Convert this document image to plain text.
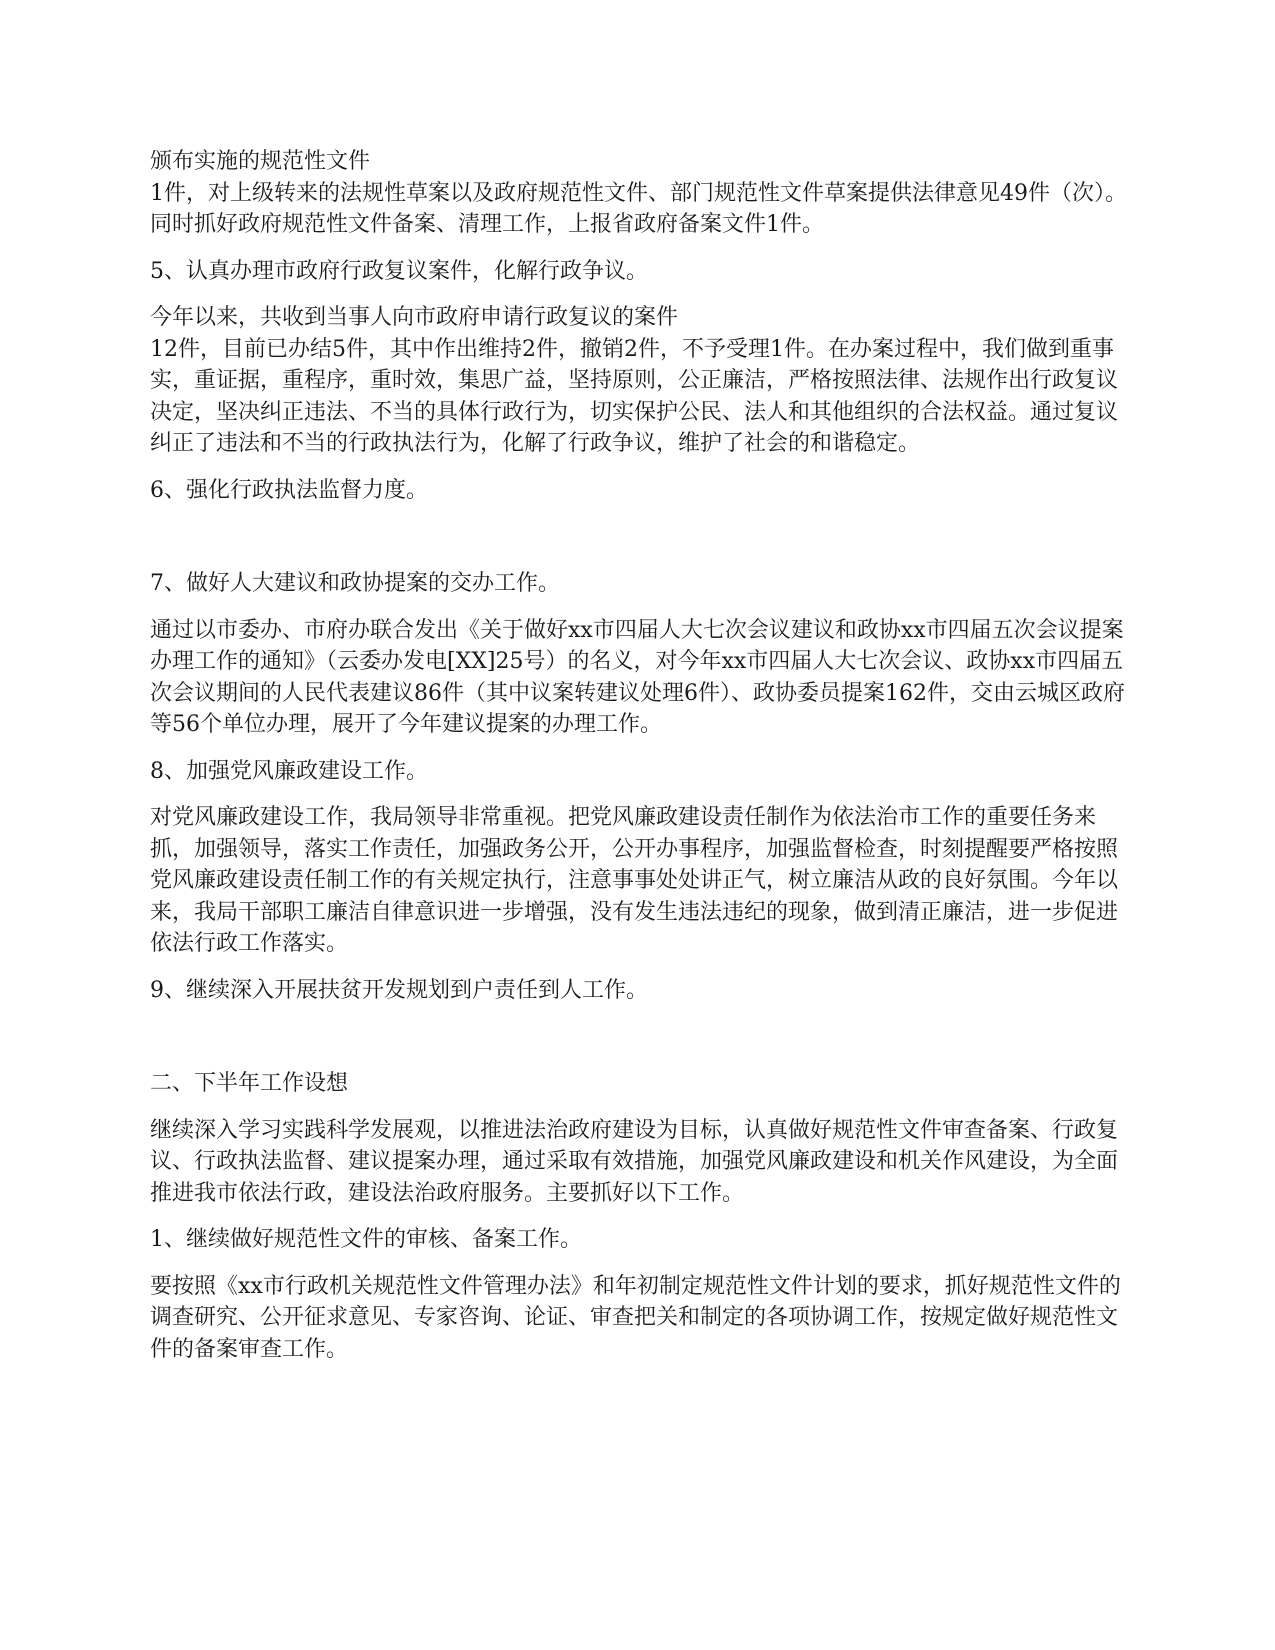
颁布实施的规范性文件
1件，对上级转来的法规性草案以及政府规范性文件、部门规范性文件草案提供法律意见49件（次）。同时抓好政府规范性文件备案、清理工作，上报省政府备案文件1件。

5、认真办理市政府行政复议案件，化解行政争议。

今年以来，共收到当事人向市政府申请行政复议的案件
12件，目前已办结5件，其中作出维持2件，撤销2件，不予受理1件。在办案过程中，我们做到重事实，重证据，重程序，重时效，集思广益，坚持原则，公正廉洁，严格按照法律、法规作出行政复议决定，坚决纠正违法、不当的具体行政行为，切实保护公民、法人和其他组织的合法权益。通过复议纠正了违法和不当的行政执法行为，化解了行政争议，维护了社会的和谐稳定。

6、强化行政执法监督力度。

7、做好人大建议和政协提案的交办工作。

通过以市委办、市府办联合发出《关于做好xx市四届人大七次会议建议和政协xx市四届五次会议提案办理工作的通知》（云委办发电[XX]25号）的名义，对今年xx市四届人大七次会议、政协xx市四届五次会议期间的人民代表建议86件（其中议案转建议处理6件）、政协委员提案162件，交由云城区政府等56个单位办理，展开了今年建议提案的办理工作。

8、加强党风廉政建设工作。

对党风廉政建设工作，我局领导非常重视。把党风廉政建设责任制作为依法治市工作的重要任务来抓，加强领导，落实工作责任，加强政务公开，公开办事程序，加强监督检查，时刻提醒要严格按照党风廉政建设责任制工作的有关规定执行，注意事事处处讲正气，树立廉洁从政的良好氛围。今年以来，我局干部职工廉洁自律意识进一步增强，没有发生违法违纪的现象，做到清正廉洁，进一步促进依法行政工作落实。

9、继续深入开展扶贫开发规划到户责任到人工作。

二、下半年工作设想

继续深入学习实践科学发展观，以推进法治政府建设为目标，认真做好规范性文件审查备案、行政复议、行政执法监督、建议提案办理，通过采取有效措施，加强党风廉政建设和机关作风建设，为全面推进我市依法行政，建设法治政府服务。主要抓好以下工作。

1、继续做好规范性文件的审核、备案工作。

要按照《xx市行政机关规范性文件管理办法》和年初制定规范性文件计划的要求，抓好规范性文件的调查研究、公开征求意见、专家咨询、论证、审查把关和制定的各项协调工作，按规定做好规范性文件的备案审查工作。
